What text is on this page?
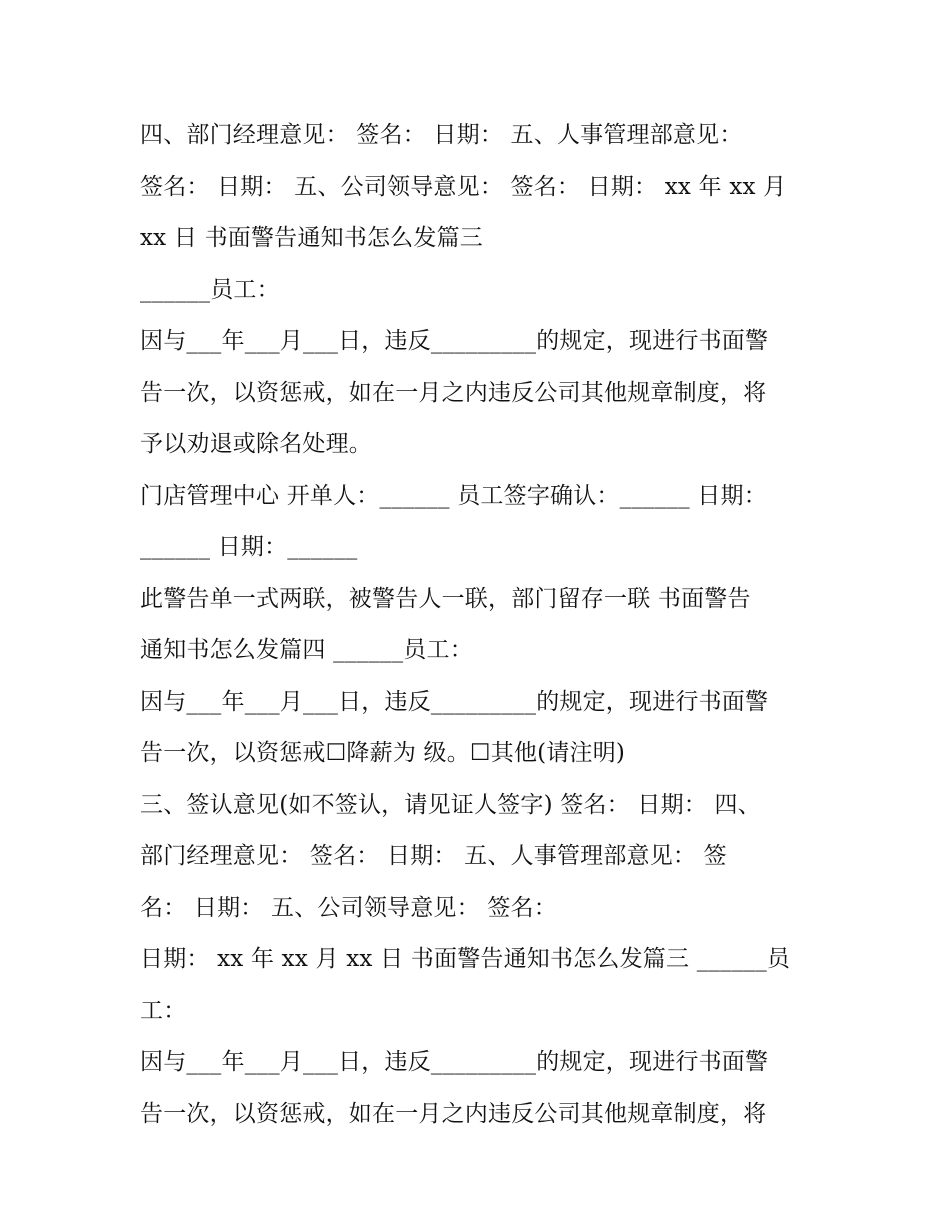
四、部门经理意见： 签名： 日期： 五、人事管理部意见：
签名： 日期： 五、公司领导意见： 签名： 日期： xx 年 xx 月
xx 日 书面警告通知书怎么发篇三
______员工：
因与___年___月___日，违反_________的规定，现进行书面警
告一次，以资惩戒，如在一月之内违反公司其他规章制度，将
予以劝退或除名处理。
门店管理中心 开单人：______ 员工签字确认：______ 日期：
______ 日期：______
此警告单一式两联，被警告人一联，部门留存一联 书面警告
通知书怎么发篇四 ______员工：
因与___年___月___日，违反_________的规定，现进行书面警
告一次，以资惩戒☐降薪为 级。☐其他(请注明)
三、签认意见(如不签认，请见证人签字) 签名： 日期： 四、
部门经理意见： 签名： 日期： 五、人事管理部意见： 签
名： 日期： 五、公司领导意见： 签名：
日期： xx 年 xx 月 xx 日 书面警告通知书怎么发篇三 ______员
工：
因与___年___月___日，违反_________的规定，现进行书面警
告一次，以资惩戒，如在一月之内违反公司其他规章制度，将
